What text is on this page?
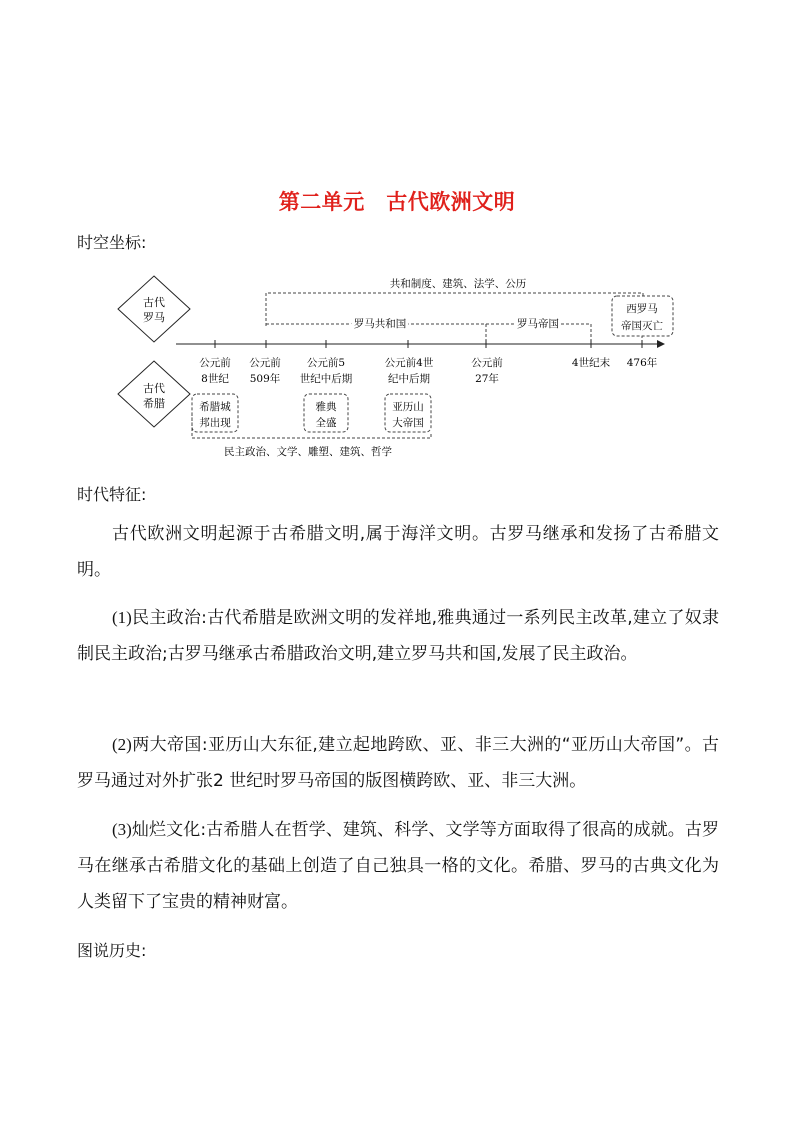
第二单元　古代欧洲文明
时空坐标:
古代
罗马
古代
希腊
共和制度、建筑、法学、公历
罗马共和国	罗马帝国
西罗马
帝国灭亡
公元前
8世纪
公元前
509年
公元前5
世纪中后期
公元前4世
纪中后期
公元前
27年
4世纪末 476年
希腊城
邦出现
雅典
全盛
亚历山
大帝国
民主政治、文学、雕塑、建筑、哲学
时代特征:

古代欧洲文明起源于古希腊文明,属于海洋文明。古罗马继承和发扬了古希腊文明。

(1)民主政治:古代希腊是欧洲文明的发祥地,雅典通过一系列民主改革,建立了奴隶制民主政治;古罗马继承古希腊政治文明,建立罗马共和国,发展了民主政治。

(2)两大帝国:亚历山大东征,建立起地跨欧、亚、非三大洲的“亚历山大帝国”。古罗马通过对外扩张2 世纪时罗马帝国的版图横跨欧、亚、非三大洲。

(3)灿烂文化:古希腊人在哲学、建筑、科学、文学等方面取得了很高的成就。古罗马在继承古希腊文化的基础上创造了自己独具一格的文化。希腊、罗马的古典文化为人类留下了宝贵的精神财富。

图说历史:
